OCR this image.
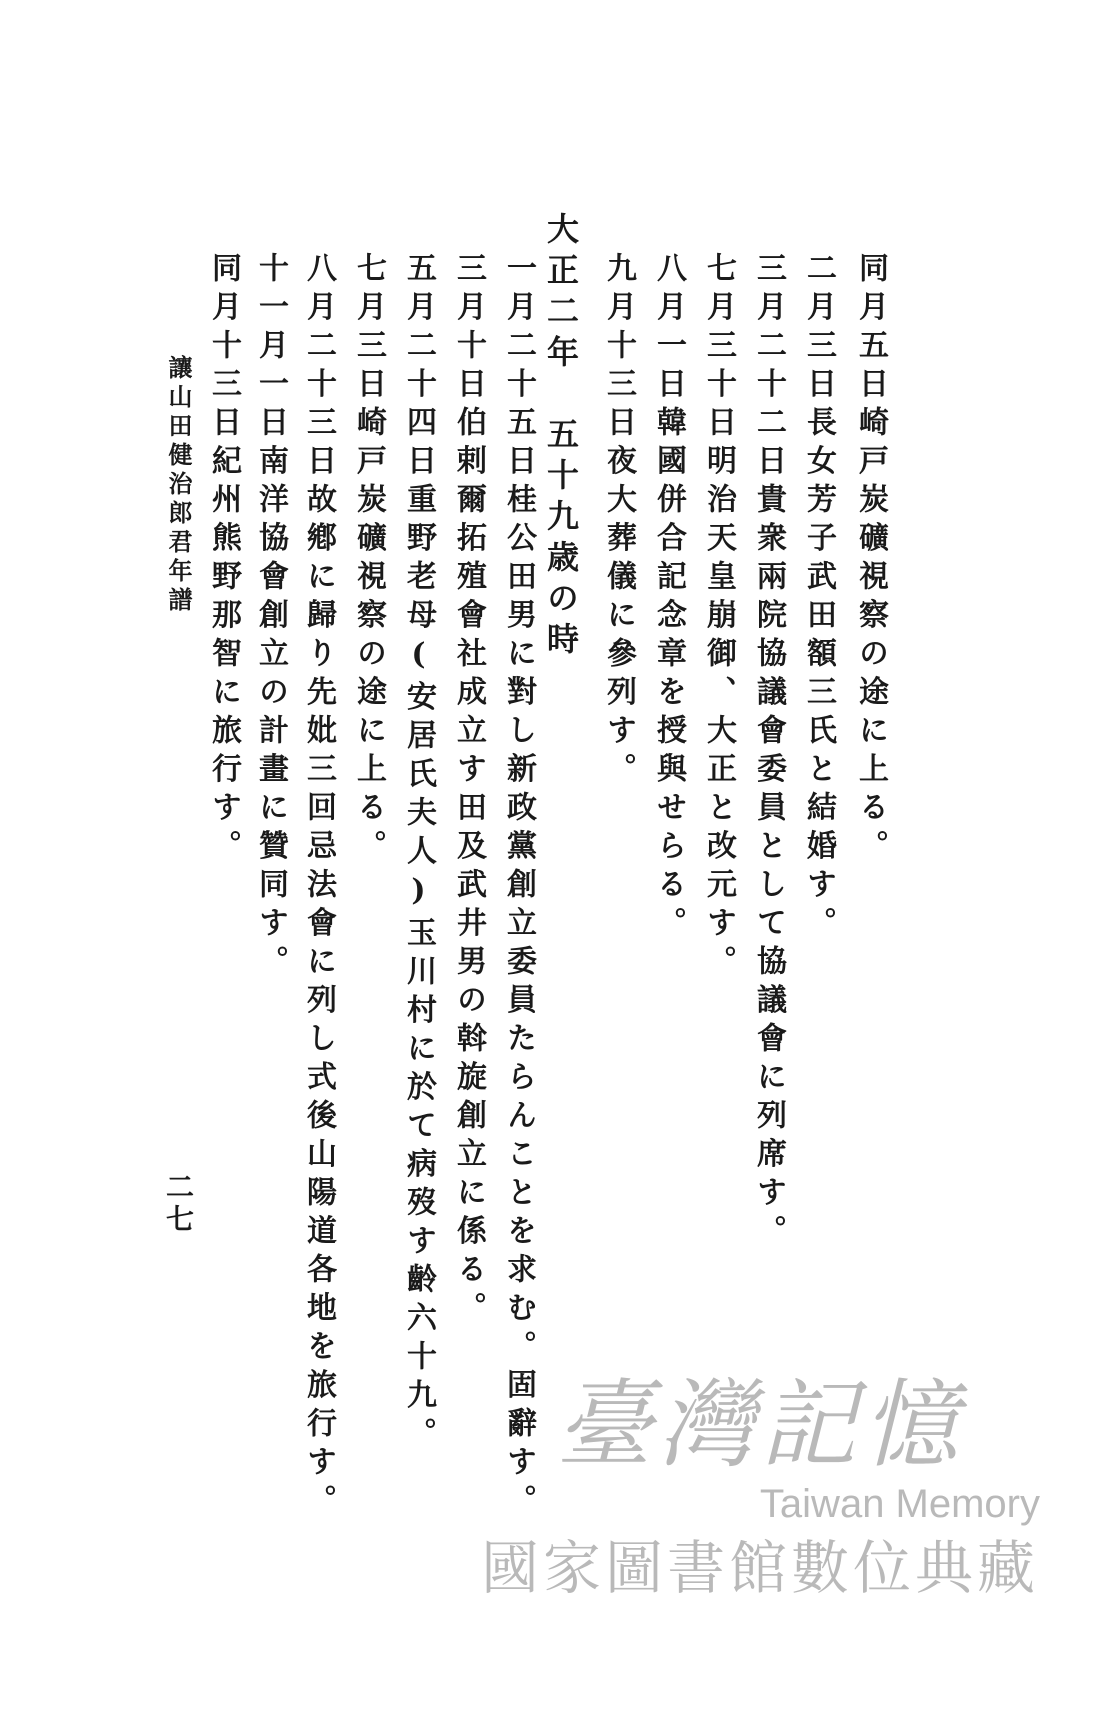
同月五日崎戸炭礦視察の途に上る。
二月三日長女芳子武田額三氏と結婚す。
三月二十二日貴衆兩院協議會委員として協議會に列席す。
七月三十日明治天皇崩御、大正と改元す。
八月一日韓國併合記念章を授與せらる。
九月十三日夜大葬儀に參列す。
大正二年　五十九歳の時
一月二十五日桂公田男に對し新政黨創立委員たらんことを求む。固辭す。
三月十日伯剌爾拓殖會社成立す田及武井男の斡旋創立に係る。
五月二十四日重野老母(安居氏夫人)玉川村に於て病歿す齡六十九。
七月三日崎戸炭礦視察の途に上る。
八月二十三日故鄕に歸り先妣三回忌法會に列し式後山陽道各地を旅行す。
十一月一日南洋協會創立の計畫に贊同す。
同月十三日紀州熊野那智に旅行す。
讓山田健治郎君年譜
二七
臺灣記憶
Taiwan Memory
國家圖書館數位典藏
